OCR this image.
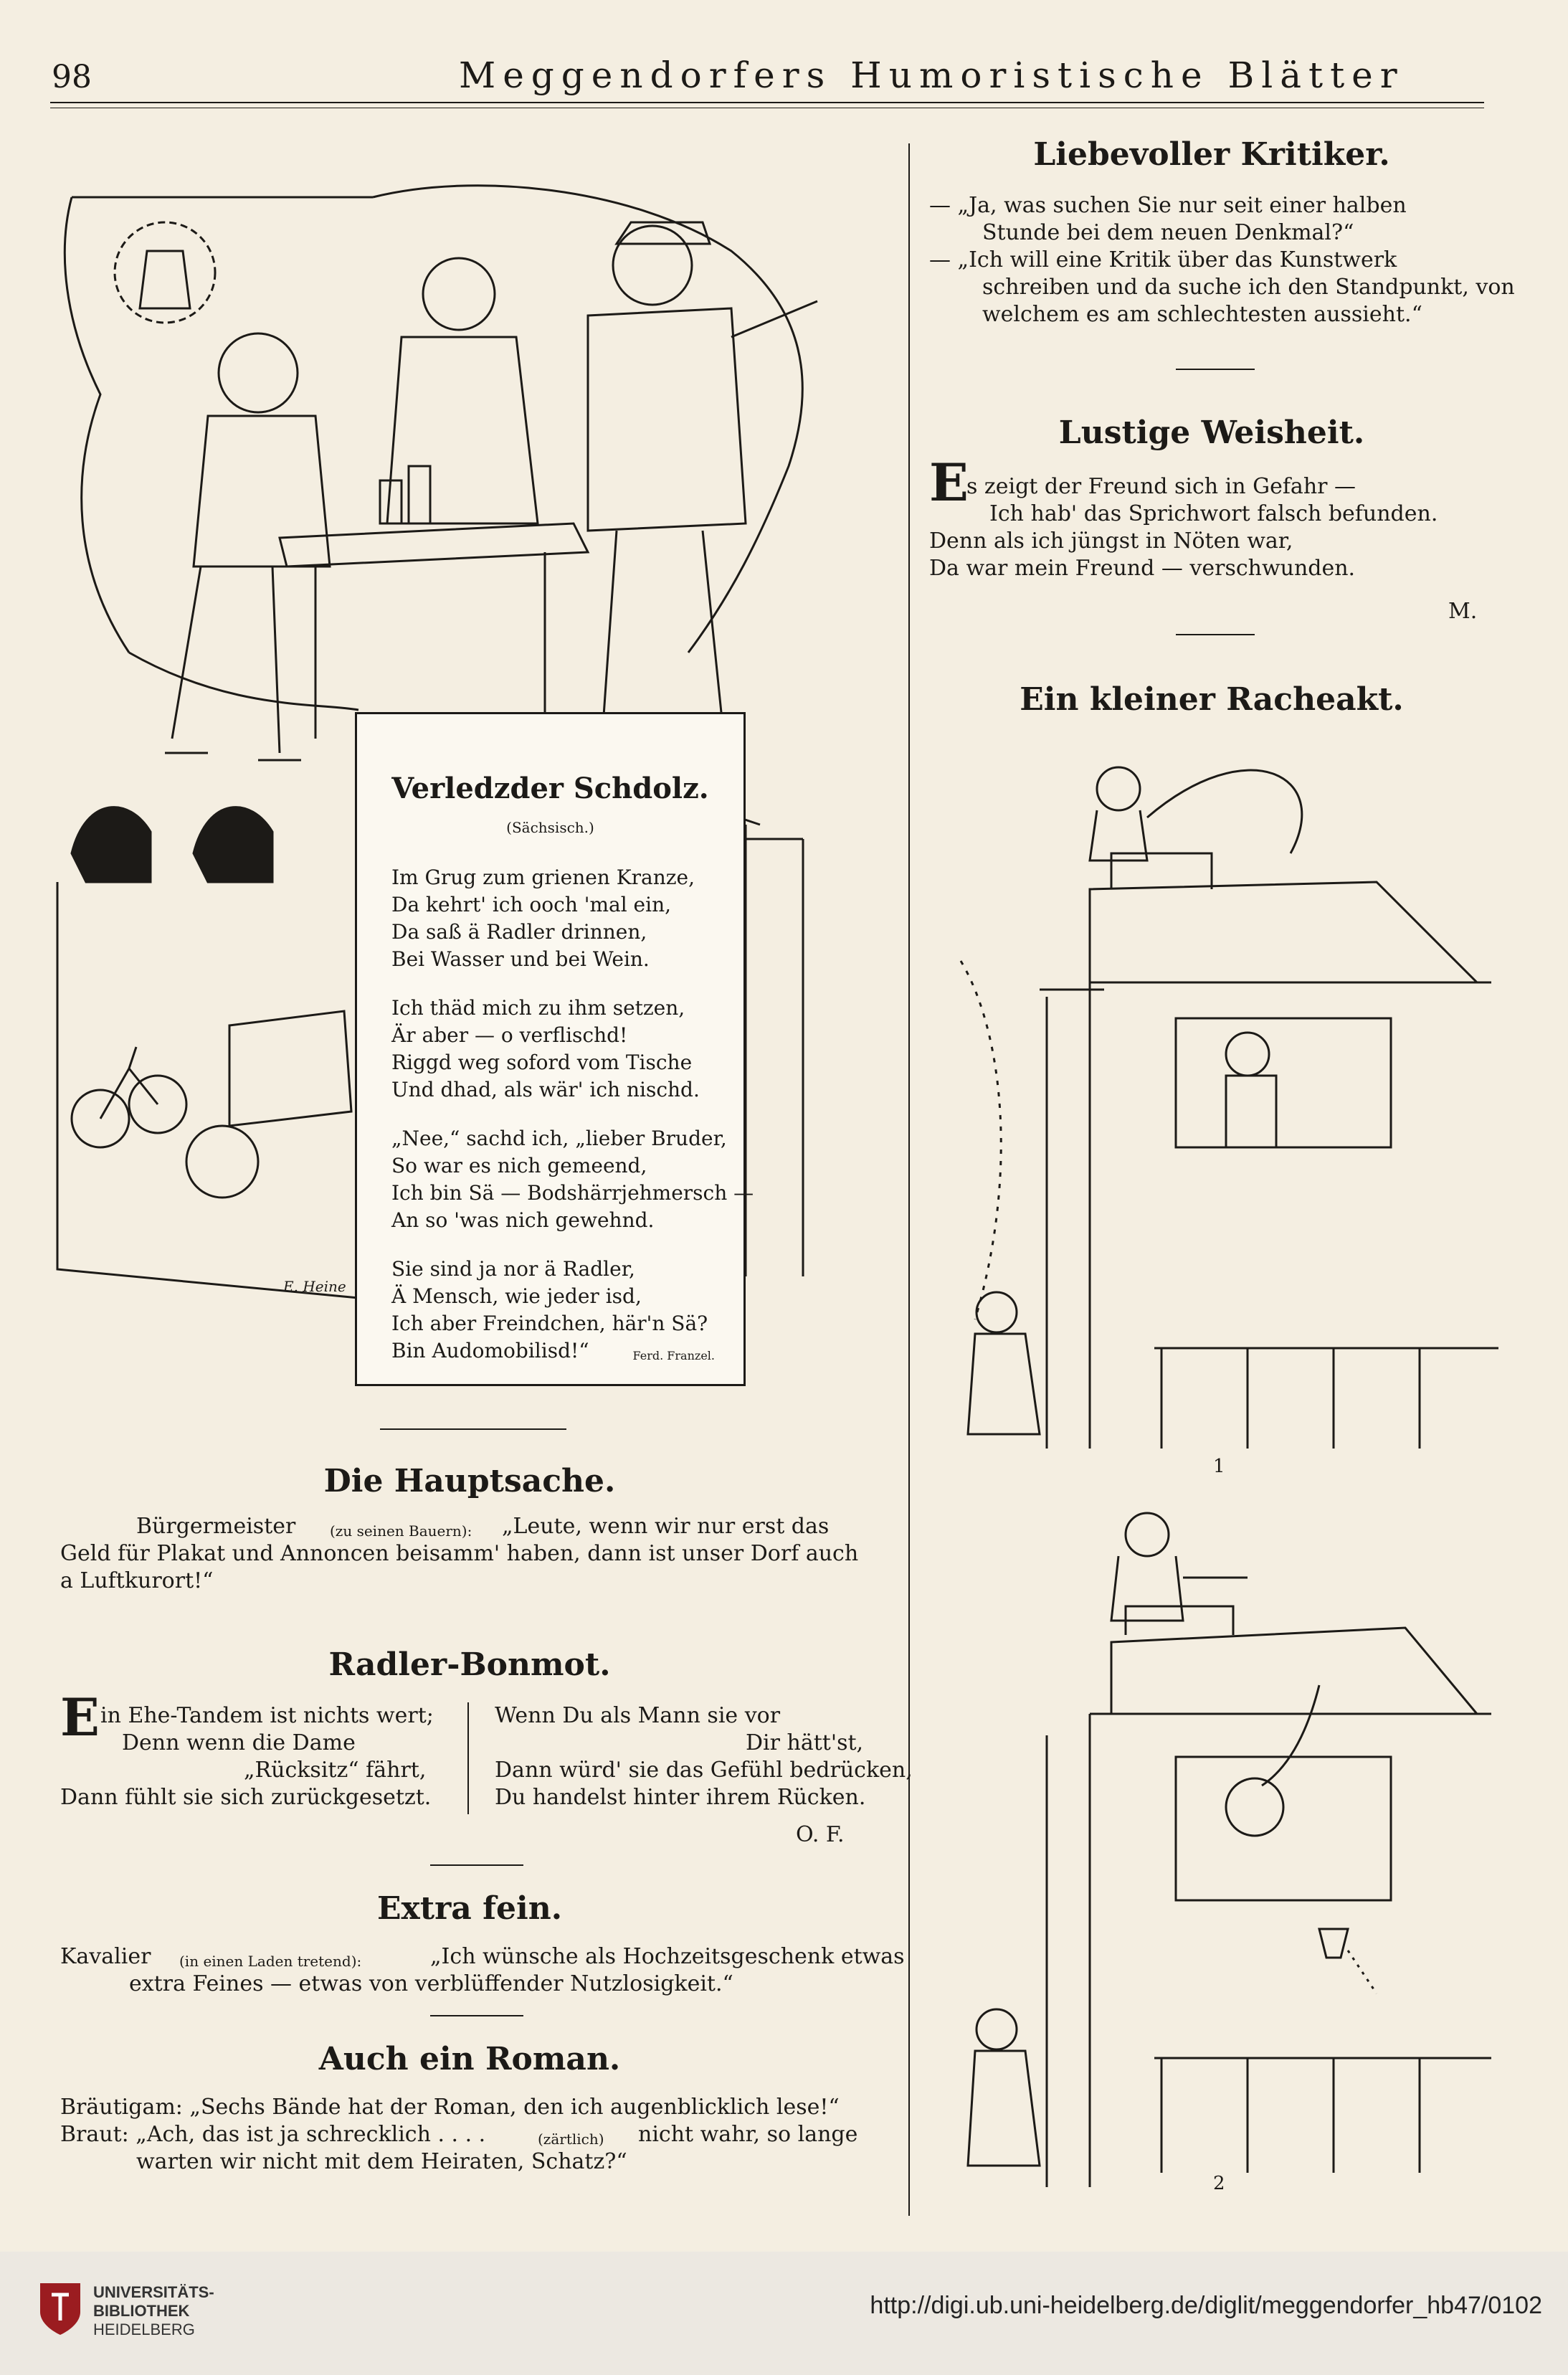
98	Meggendorfers Humoristische Blätter
Verledzder Schdolz.
(Sächsisch.)
Im Grug zum grienen Kranze,
Da kehrt' ich ooch 'mal ein,
Da saß ä Radler drinnen,
Bei Wasser und bei Wein.
Ich thäd mich zu ihm setzen,
Är aber — o verflischd!
Riggd weg soford vom Tische
Und dhad, als wär' ich nischd.
„Nee,“ sachd ich, „lieber Bruder,
So war es nich gemeend,
Ich bin Sä — Bodshärrjehmersch —
An so 'was nich gewehnd.
Sie sind ja nor ä Radler,
Ä Mensch, wie jeder isd,
Ich aber Freindchen, här'n Sä?
Bin Audomobilisd!“	Ferd. Franzel.
E. Heine
Die Hauptsache.
Bürgermeister (zu seinen Bauern): „Leute, wenn wir nur erst das
Geld für Plakat und Annoncen beisamm' haben, dann ist unser Dorf auch
a Luftkurort!“
Radler-Bonmot.
E in Ehe-Tandem ist nichts wert;
Denn wenn die Dame
„Rücksitz“ fährt,
Dann fühlt sie sich zurückgesetzt.
Wenn Du als Mann sie vor
Dir hätt'st,
Dann würd' sie das Gefühl bedrücken,
Du handelst hinter ihrem Rücken.
O. F.
Extra fein.
Kavalier (in einen Laden tretend):	„Ich wünsche als Hochzeitsgeschenk etwas
extra Feines — etwas von verblüffender Nutzlosigkeit.“
Auch ein Roman.
Bräutigam: „Sechs Bände hat der Roman, den ich augenblicklich lese!“
Braut: „Ach, das ist ja schrecklich . . . .	(zärtlich) nicht wahr, so lange
warten wir nicht mit dem Heiraten, Schatz?“
Liebevoller Kritiker.
— „Ja, was suchen Sie nur seit einer halben
Stunde bei dem neuen Denkmal?“
— „Ich will eine Kritik über das Kunstwerk
schreiben und da suche ich den Standpunkt, von
welchem es am schlechtesten aussieht.“
Lustige Weisheit.
E
s zeigt der Freund sich in Gefahr —
Ich hab' das Sprichwort falsch befunden.
Denn als ich jüngst in Nöten war,
Da war mein Freund — verschwunden.
M.
Ein kleiner Racheakt.
1
2
UNIVERSITÄTS-
BIBLIOTHEK
HEIDELBERG
http://digi.ub.uni-heidelberg.de/diglit/meggendorfer_hb47/0102
